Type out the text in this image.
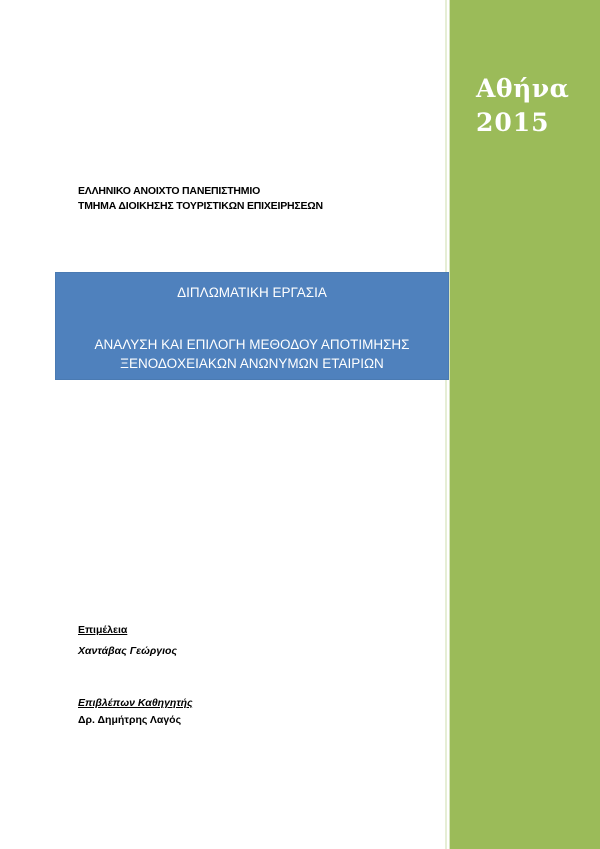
Αθήνα
2015
ΕΛΛΗΝΙΚΟ ΑΝΟΙΧΤΟ ΠΑΝΕΠΙΣΤΗΜΙΟ
ΤΜΗΜΑ ΔΙΟΙΚΗΣΗΣ ΤΟΥΡΙΣΤΙΚΩΝ ΕΠΙΧΕΙΡΗΣΕΩΝ
ΔΙΠΛΩΜΑΤΙΚΗ ΕΡΓΑΣΙΑ
ΑΝΑΛΥΣΗ ΚΑΙ ΕΠΙΛΟΓΗ ΜΕΘΟΔΟΥ ΑΠΟΤΙΜΗΣΗΣ
ΞΕΝΟΔΟΧΕΙΑΚΩΝ ΑΝΩΝΥΜΩΝ ΕΤΑΙΡΙΩΝ
Επιμέλεια
Χαντάβας Γεώργιος
Επιβλέπων Καθηγητής
Δρ. Δημήτρης Λαγός
